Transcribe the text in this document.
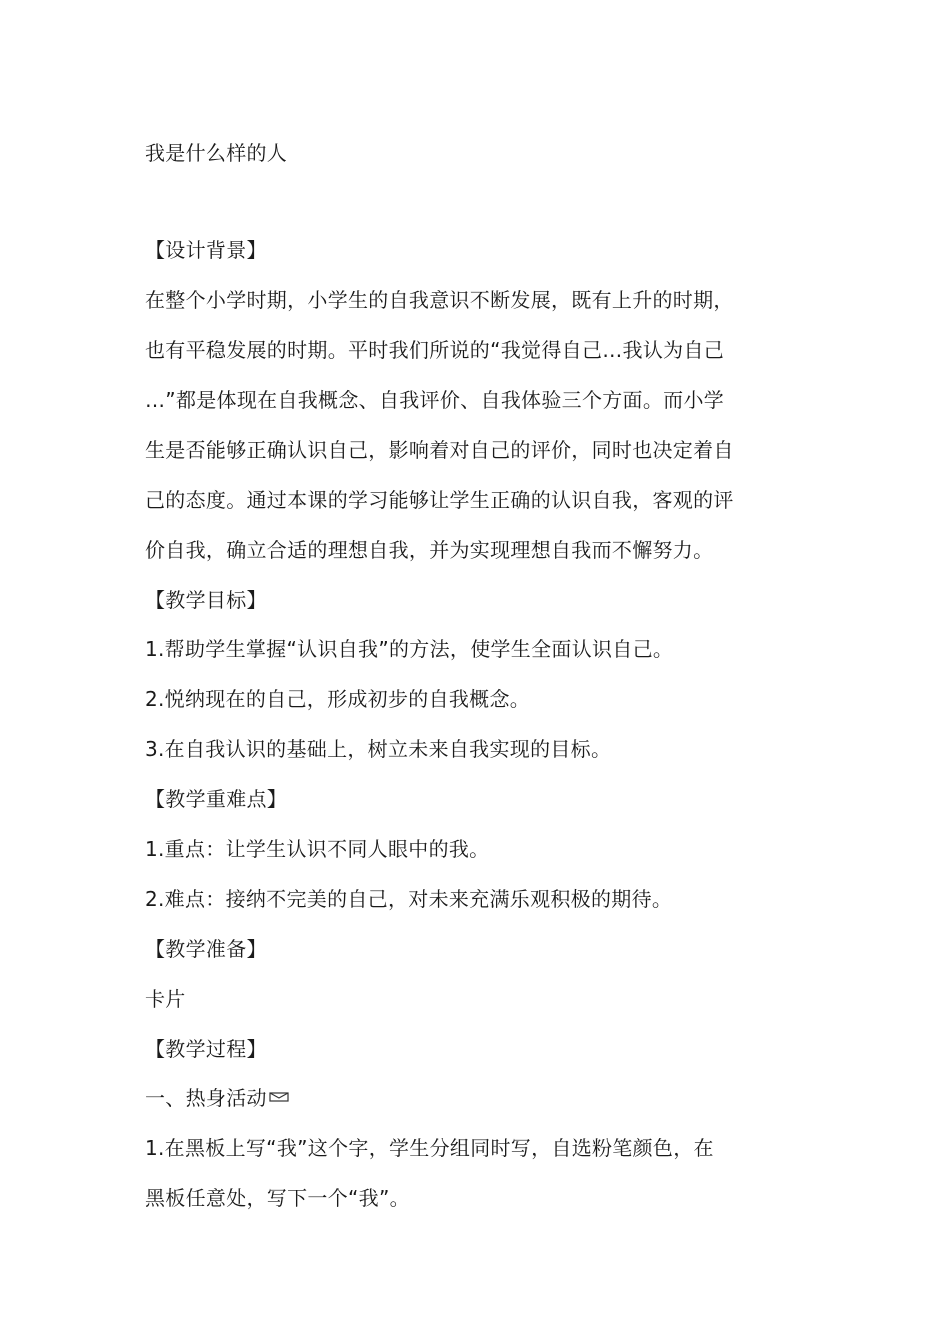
我是什么样的人
【设计背景】
在整个小学时期，小学生的自我意识不断发展，既有上升的时期，
也有平稳发展的时期。平时我们所说的“我觉得自己…我认为自己
…”都是体现在自我概念、自我评价、自我体验三个方面。而小学
生是否能够正确认识自己，影响着对自己的评价，同时也决定着自
己的态度。通过本课的学习能够让学生正确的认识自我，客观的评
价自我，确立合适的理想自我，并为实现理想自我而不懈努力。
【教学目标】
1.帮助学生掌握“认识自我”的方法，使学生全面认识自己。
2.悦纳现在的自己，形成初步的自我概念。
3.在自我认识的基础上，树立未来自我实现的目标。
【教学重难点】
1.重点：让学生认识不同人眼中的我。
2.难点：接纳不完美的自己，对未来充满乐观积极的期待。
【教学准备】
卡片
【教学过程】
一、热身活动
1.在黑板上写“我”这个字，学生分组同时写，自选粉笔颜色，在
黑板任意处，写下一个“我”。
